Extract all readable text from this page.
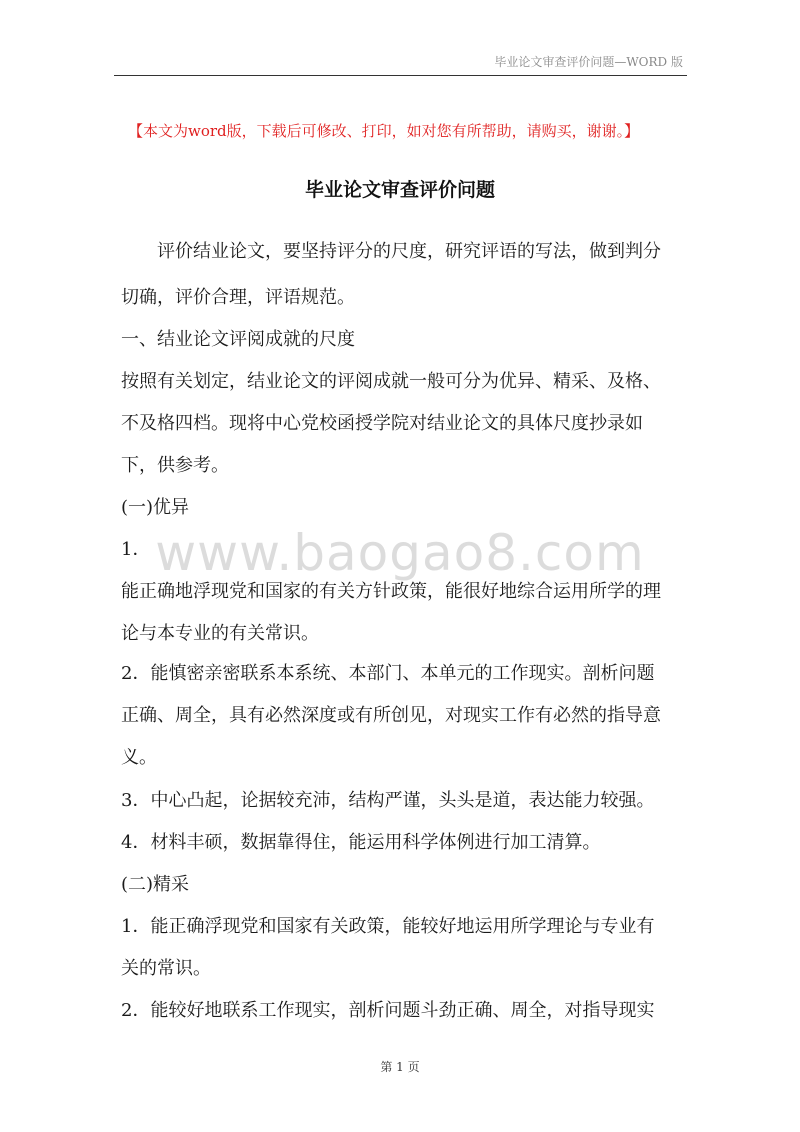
毕业论文审查评价问题—WORD 版
【本文为word版，下载后可修改、打印，如对您有所帮助，请购买，谢谢。】
毕业论文审查评价问题
www.baogao8.com
　　评价结业论文，要坚持评分的尺度，研究评语的写法，做到判分
切确，评价合理，评语规范。
一、结业论文评阅成就的尺度
按照有关划定，结业论文的评阅成就一般可分为优异、精采、及格、
不及格四档。现将中心党校函授学院对结业论文的具体尺度抄录如
下，供参考。
(一)优异
1．
能正确地浮现党和国家的有关方针政策，能很好地综合运用所学的理
论与本专业的有关常识。
2．能慎密亲密联系本系统、本部门、本单元的工作现实。剖析问题
正确、周全，具有必然深度或有所创见，对现实工作有必然的指导意
义。
3．中心凸起，论据较充沛，结构严谨，头头是道，表达能力较强。
4．材料丰硕，数据靠得住，能运用科学体例进行加工清算。
(二)精采
1．能正确浮现党和国家有关政策，能较好地运用所学理论与专业有
关的常识。
2．能较好地联系工作现实，剖析问题斗劲正确、周全，对指导现实
第 1 页
